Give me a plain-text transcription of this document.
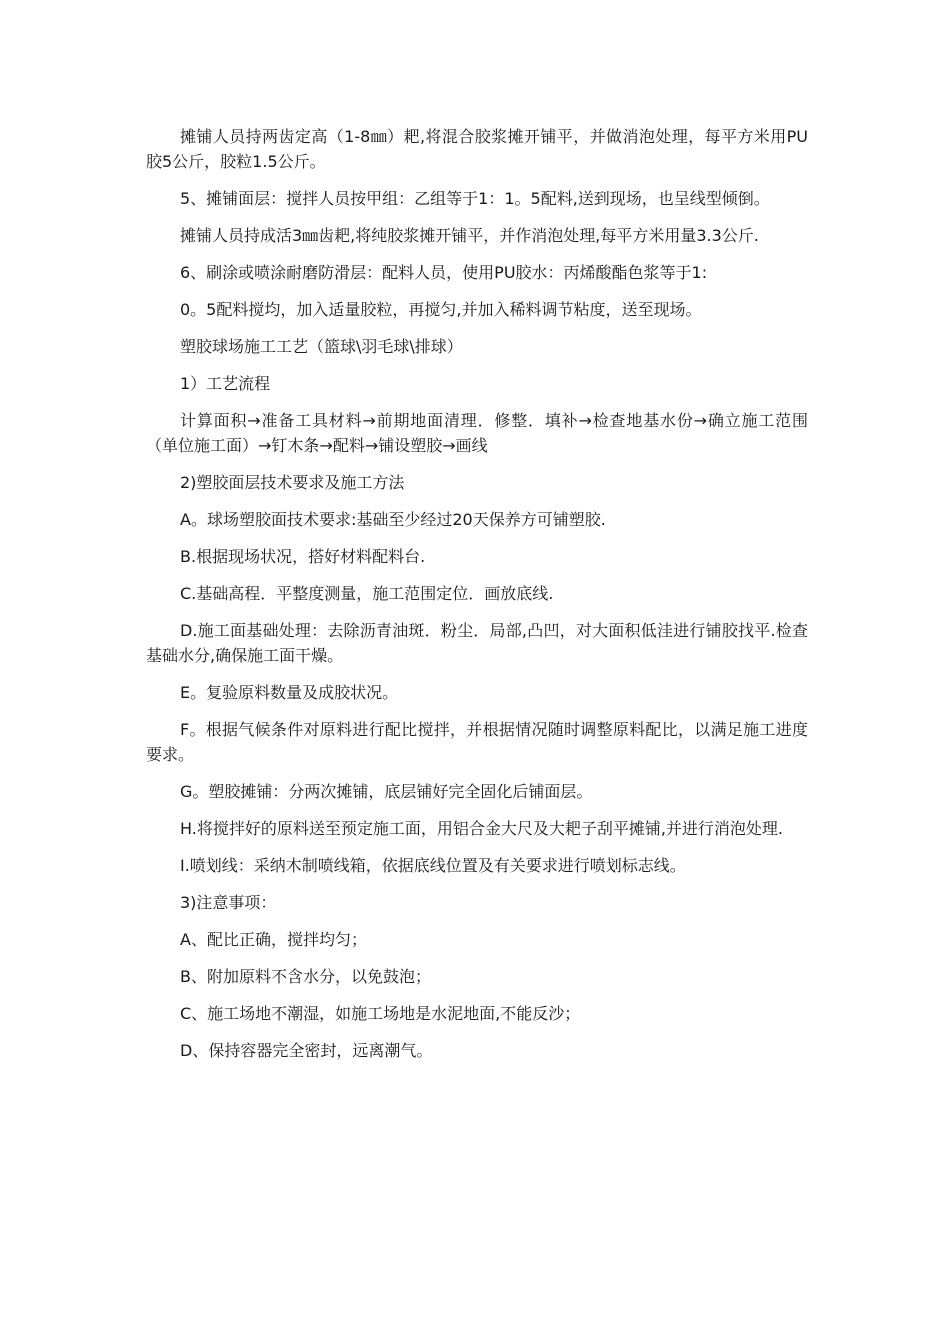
摊铺人员持两齿定高（1-8㎜）耙,将混合胶浆摊开铺平，并做消泡处理，每平方米用PU胶5公斤，胶粒1.5公斤。

5、摊铺面层：搅拌人员按甲组：乙组等于1：1。5配料,送到现场，也呈线型倾倒。

摊铺人员持成活3㎜齿耙,将纯胶浆摊开铺平，并作消泡处理,每平方米用量3.3公斤.

6、刷涂或喷涂耐磨防滑层：配料人员，使用PU胶水：丙烯酸酯色浆等于1:

0。5配料搅均，加入适量胶粒，再搅匀,并加入稀料调节粘度，送至现场。

塑胶球场施工工艺（篮球\羽毛球\排球）

1）工艺流程

计算面积→准备工具材料→前期地面清理．修整．填补→检查地基水份→确立施工范围（单位施工面）→钉木条→配料→铺设塑胶→画线

2)塑胶面层技术要求及施工方法

A。球场塑胶面技术要求:基础至少经过20天保养方可铺塑胶.

B.根据现场状况，搭好材料配料台.

C.基础高程．平整度测量，施工范围定位．画放底线.

D.施工面基础处理：去除沥青油斑．粉尘．局部,凸凹，对大面积低洼进行铺胶找平.检查基础水分,确保施工面干燥。

E。复验原料数量及成胶状况。

F。根据气候条件对原料进行配比搅拌，并根据情况随时调整原料配比，以满足施工进度要求。

G。塑胶摊铺：分两次摊铺，底层铺好完全固化后铺面层。

H.将搅拌好的原料送至预定施工面，用铝合金大尺及大耙子刮平摊铺,并进行消泡处理.

I.喷划线：采纳木制喷线箱，依据底线位置及有关要求进行喷划标志线。

3)注意事项：

A、配比正确，搅拌均匀；

B、附加原料不含水分，以免鼓泡；

C、施工场地不潮湿，如施工场地是水泥地面,不能反沙；

D、保持容器完全密封，远离潮气。
